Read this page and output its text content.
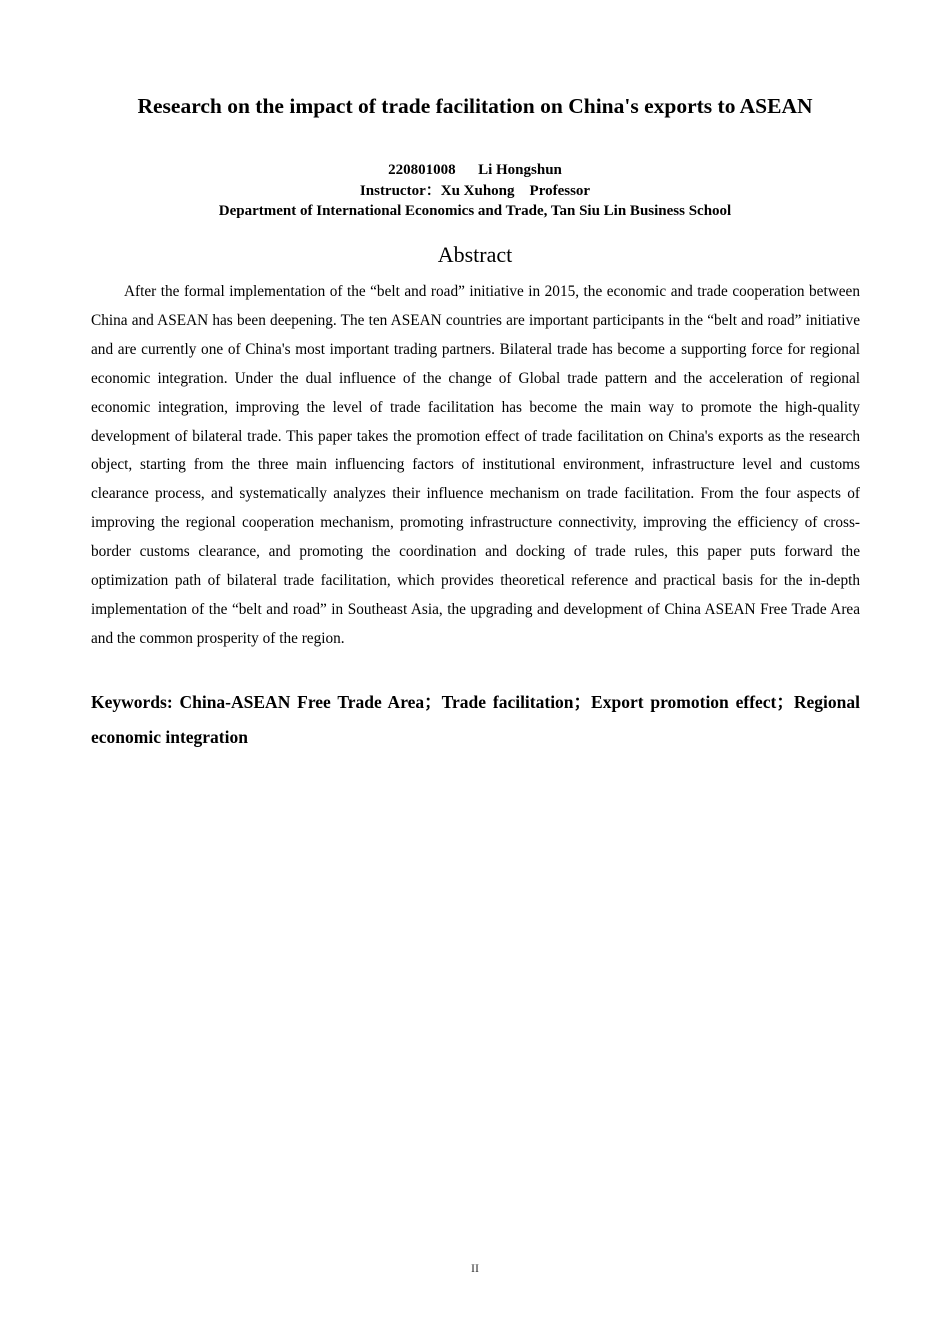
Research on the impact of trade facilitation on China's exports to ASEAN
220801008      Li Hongshun
Instructor：Xu Xuhong    Professor
Department of International Economics and Trade, Tan Siu Lin Business School
Abstract

After the formal implementation of the “belt and road” initiative in 2015, the economic and trade cooperation between China and ASEAN has been deepening. The ten ASEAN countries are important participants in the “belt and road” initiative and are currently one of China's most important trading partners. Bilateral trade has become a supporting force for regional economic integration. Under the dual influence of the change of Global trade pattern and the acceleration of regional economic integration, improving the level of trade facilitation has become the main way to promote the high-quality development of bilateral trade. This paper takes the promotion effect of trade facilitation on China's exports as the research object, starting from the three main influencing factors of institutional environment, infrastructure level and customs clearance process, and systematically analyzes their influence mechanism on trade facilitation. From the four aspects of improving the regional cooperation mechanism, promoting infrastructure connectivity, improving the efficiency of cross-border customs clearance, and promoting the coordination and docking of trade rules, this paper puts forward the optimization path of bilateral trade facilitation, which provides theoretical reference and practical basis for the in-depth implementation of the “belt and road” in Southeast Asia, the upgrading and development of China ASEAN Free Trade Area and the common prosperity of the region.

Keywords: China-ASEAN Free Trade Area；Trade facilitation；Export promotion effect；Regional economic integration

II
